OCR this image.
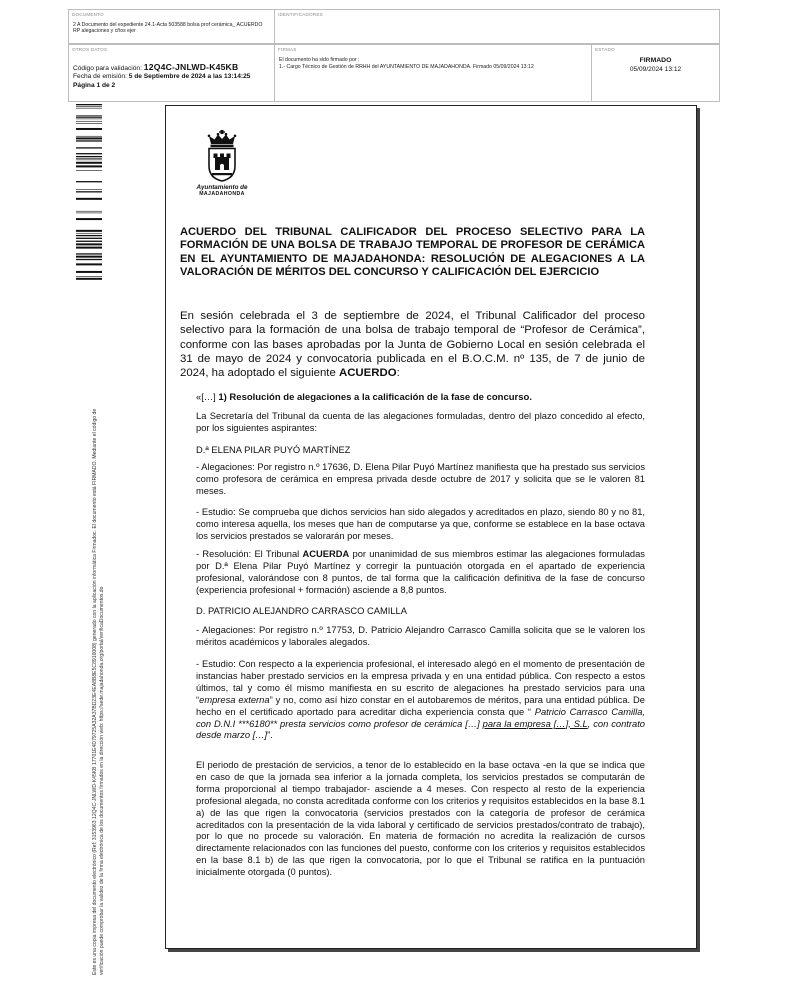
DOCUMENTO
2 A Documento del expediente 24.1-Acta 503588 bolsa prof cerámica_ ACUERDO RP alegaciones y cños ejer
IDENTIFICADORES
OTROS DATOS
Código para validación: 12Q4C-JNLWD-K45KB
Fecha de emisión: 5 de Septiembre de 2024 a las 13:14:25
Página 1 de 2
FIRMAS
El documento ha sido firmado por :
1.- Cargo Técnico de Gestión de RRHH del AYUNTAMIENTO DE MAJADAHONDA. Firmado 05/09/2024 13:12
ESTADO
FIRMADO
05/09/2024 13:12
Este es una copia impresa del documento electrónico (Ref: 3153963 12Q4C-JNLWD-K45KB 17701E4D79725A32A37BD23E4EA8B8E5C8910008) generado con la aplicación informática Firmadoc. El documento está FIRMADO. Mediante el código de verificación puede comprobar la validez de la firma electrónica de los documentos firmados en la dirección web: https://sede.majadahonda.org/portal/verificaDocumentos.do
Ayuntamiento de
MAJADAHONDA
ACUERDO DEL TRIBUNAL CALIFICADOR DEL PROCESO SELECTIVO PARA LA FORMACIÓN DE UNA BOLSA DE TRABAJO TEMPORAL DE PROFESOR DE CERÁMICA EN EL AYUNTAMIENTO DE MAJADAHONDA: RESOLUCIÓN DE ALEGACIONES A LA VALORACIÓN DE MÉRITOS DEL CONCURSO Y CALIFICACIÓN DEL EJERCICIO
En sesión celebrada el 3 de septiembre de 2024, el Tribunal Calificador del proceso selectivo para la formación de una bolsa de trabajo temporal de “Profesor de Cerámica”, conforme con las bases aprobadas por la Junta de Gobierno Local en sesión celebrada el 31 de mayo de 2024 y convocatoria publicada en el B.O.C.M. nº 135, de 7 de junio de 2024, ha adoptado el siguiente ACUERDO:
«[…] 1) Resolución de alegaciones a la calificación de la fase de concurso.
La Secretaría del Tribunal da cuenta de las alegaciones formuladas, dentro del plazo concedido al efecto, por los siguientes aspirantes:
D.ª ELENA PILAR PUYÓ MARTÍNEZ
- Alegaciones: Por registro n.º 17636, D. Elena Pilar Puyó Martínez manifiesta que ha prestado sus servicios como profesora de cerámica en empresa privada desde octubre de 2017 y solicita que se le valoren 81 meses.
- Estudio: Se comprueba que dichos servicios han sido alegados y acreditados en plazo, siendo 80 y no 81, como interesa aquella, los meses que han de computarse ya que, conforme se establece en la base octava los servicios prestados se valorarán por meses.
- Resolución: El Tribunal ACUERDA por unanimidad de sus miembros estimar las alegaciones formuladas por D.ª Elena Pilar Puyó Martínez y corregir la puntuación otorgada en el apartado de experiencia profesional, valorándose con 8 puntos, de tal forma que la calificación definitiva de la fase de concurso (experiencia profesional + formación) asciende a 8,8 puntos.
D. PATRICIO ALEJANDRO CARRASCO CAMILLA
- Alegaciones: Por registro n.º 17753, D. Patricio Alejandro Carrasco Camilla solicita que se le valoren los méritos académicos y laborales alegados.
- Estudio: Con respecto a la experiencia profesional, el interesado alegó en el momento de presentación de instancias haber prestado servicios en la empresa privada y en una entidad pública. Con respecto a estos últimos, tal y como él mismo manifiesta en su escrito de alegaciones ha prestado servicios para una “empresa externa” y no, como así hizo constar en el autobaremos de méritos, para una entidad pública. De hecho en el certificado aportado para acreditar dicha experiencia consta que “ Patricio Carrasco Camilla, con D.N.I ***6180** presta servicios como profesor de cerámica […] para la empresa […], S.L, con contrato desde marzo […]”.
El periodo de prestación de servicios, a tenor de lo establecido en la base octava -en la que se indica que en caso de que la jornada sea inferior a la jornada completa, los servicios prestados se computarán de forma proporcional al tiempo trabajador- asciende a 4 meses. Con respecto al resto de la experiencia profesional alegada, no consta acreditada conforme con los criterios y requisitos establecidos en la base 8.1 a) de las que rigen la convocatoria (servicios prestados con la categoría de profesor de cerámica acreditados con la presentación de la vida laboral y certificado de servicios prestados/contrato de trabajo), por lo que no procede su valoración. En materia de formación no acredita la realización de cursos directamente relacionados con las funciones del puesto, conforme con los criterios y requisitos establecidos en la base 8.1 b) de las que rigen la convocatoria, por lo que el Tribunal se ratifica en la puntuación inicialmente otorgada (0 puntos).
